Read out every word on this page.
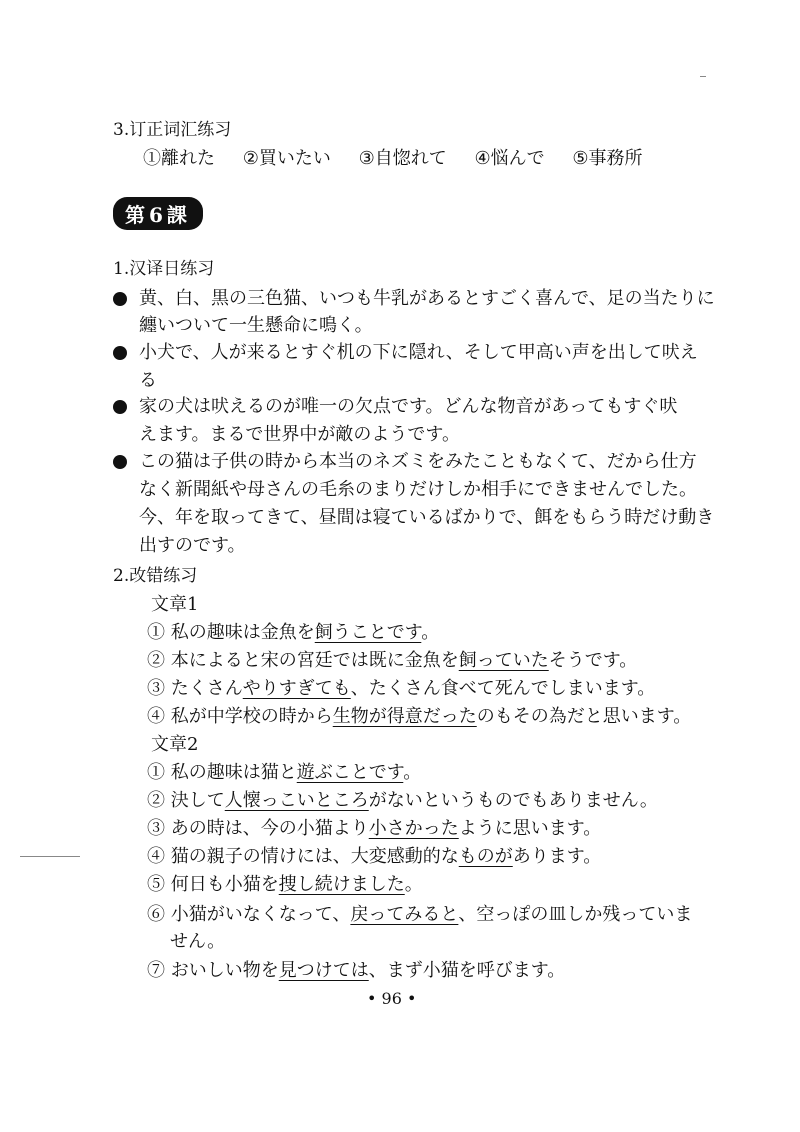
3.订正词汇练习
①離れた ②買いたい ③自惚れて ④悩んで ⑤事務所
第6課
1.汉译日练习
黄、白、黒の三色猫、いつも牛乳があるとすごく喜んで、足の当たりに
纏いついて一生懸命に鳴く。
小犬で、人が来るとすぐ机の下に隠れ、そして甲高い声を出して吠え
る
家の犬は吠えるのが唯一の欠点です。どんな物音があってもすぐ吠
えます。まるで世界中が敵のようです。
この猫は子供の時から本当のネズミをみたこともなくて、だから仕方
なく新聞紙や母さんの毛糸のまりだけしか相手にできませんでした。
今、年を取ってきて、昼間は寝ているばかりで、餌をもらう時だけ動き
出すのです。
2.改错练习
文章1
① 私の趣味は金魚を飼うことです。
② 本によると宋の宮廷では既に金魚を飼っていたそうです。
③ たくさんやりすぎても、たくさん食べて死んでしまいます。
④ 私が中学校の時から生物が得意だったのもその為だと思います。
文章2
① 私の趣味は猫と遊ぶことです。
② 決して人懐っこいところがないというものでもありません。
③ あの時は、今の小猫より小さかったように思います。
④ 猫の親子の情けには、大変感動的なものがあります。
⑤ 何日も小猫を捜し続けました。
⑥ 小猫がいなくなって、戻ってみると、空っぽの皿しか残っていま
せん。
⑦ おいしい物を見つけては、まず小猫を呼びます。
• 96 •
